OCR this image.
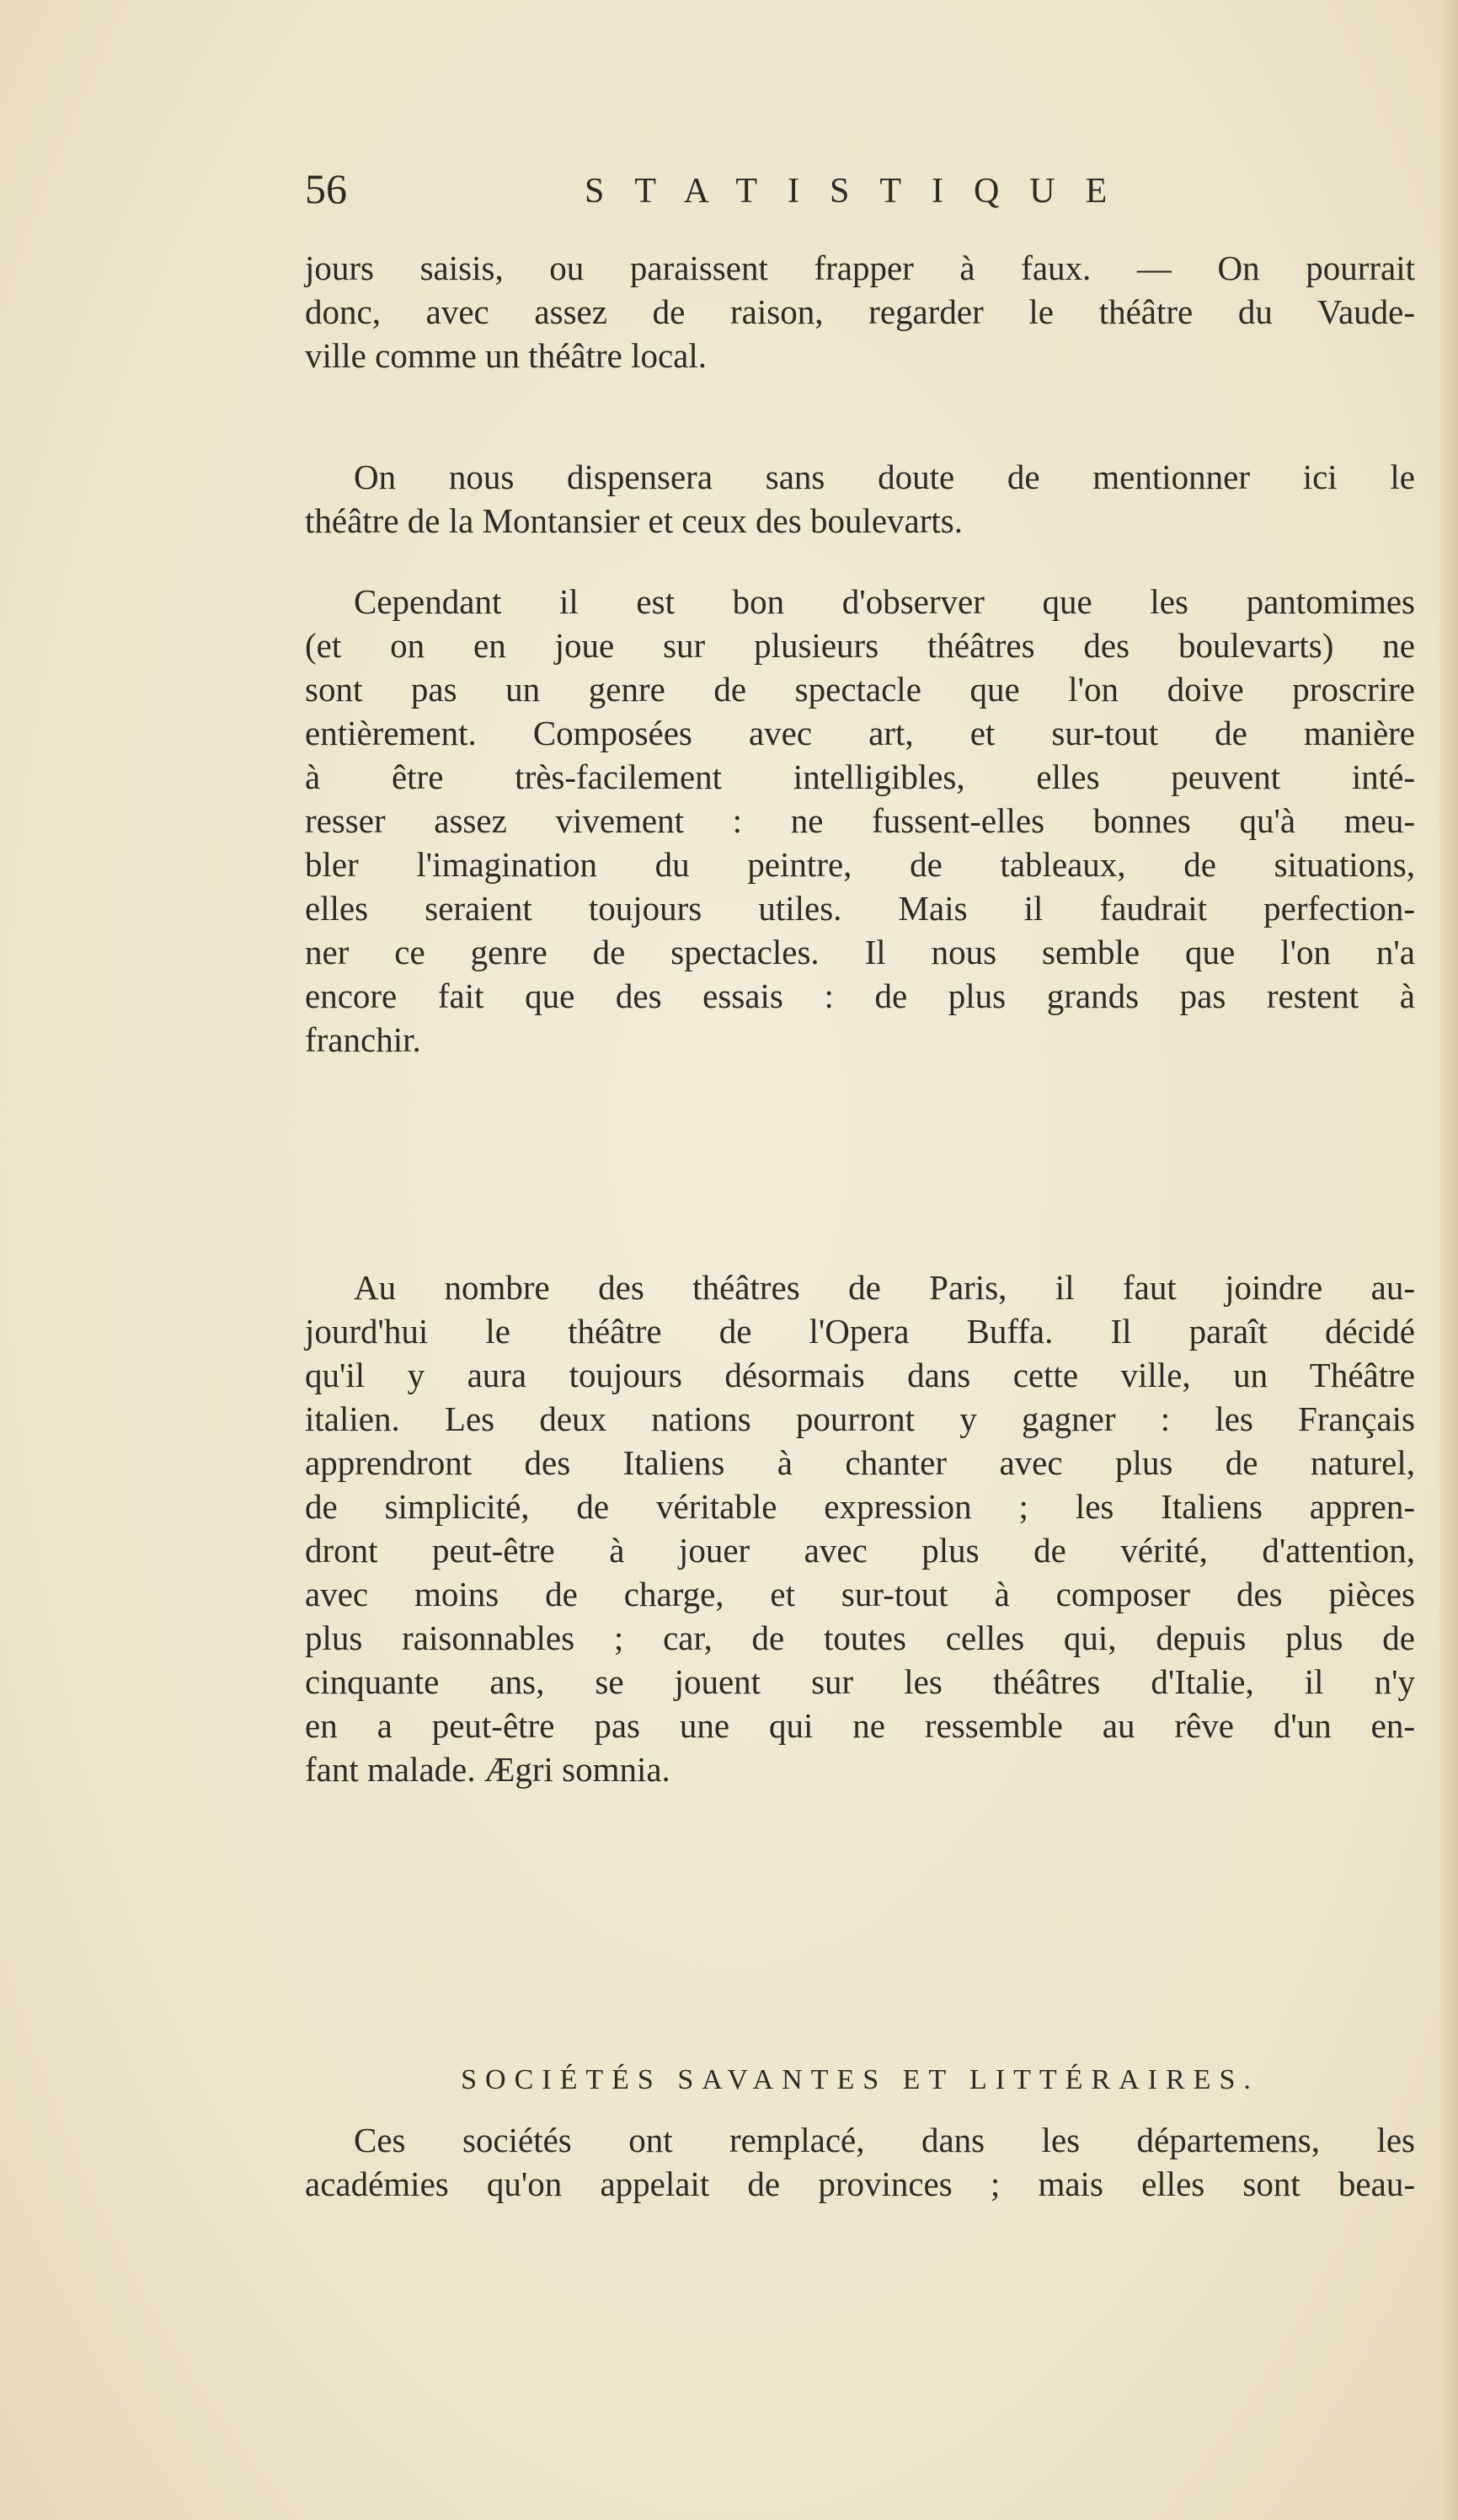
56	STATISTIQUE
jours saisis, ou paraissent frapper à faux. — On pourrait
donc, avec assez de raison, regarder le théâtre du Vaude-
ville comme un théâtre local.
On nous dispensera sans doute de mentionner ici le
théâtre de la Montansier et ceux des boulevarts.
Cependant il est bon d'observer que les pantomimes
(et on en joue sur plusieurs théâtres des boulevarts) ne
sont pas un genre de spectacle que l'on doive proscrire
entièrement. Composées avec art, et sur-tout de manière
à être très-facilement intelligibles, elles peuvent inté-
resser assez vivement : ne fussent-elles bonnes qu'à meu-
bler l'imagination du peintre, de tableaux, de situations,
elles seraient toujours utiles. Mais il faudrait perfection-
ner ce genre de spectacles. Il nous semble que l'on n'a
encore fait que des essais : de plus grands pas restent à
franchir.
Au nombre des théâtres de Paris, il faut joindre au-
jourd'hui le théâtre de l'Opera Buffa. Il paraît décidé
qu'il y aura toujours désormais dans cette ville, un Théâtre
italien. Les deux nations pourront y gagner : les Français
apprendront des Italiens à chanter avec plus de naturel,
de simplicité, de véritable expression ; les Italiens appren-
dront peut-être à jouer avec plus de vérité, d'attention,
avec moins de charge, et sur-tout à composer des pièces
plus raisonnables ; car, de toutes celles qui, depuis plus de
cinquante ans, se jouent sur les théâtres d'Italie, il n'y
en a peut-être pas une qui ne ressemble au rêve d'un en-
fant malade. Ægri somnia.
SOCIÉTÉS SAVANTES ET LITTÉRAIRES.
Ces sociétés ont remplacé, dans les départemens, les
académies qu'on appelait de provinces ; mais elles sont beau-
